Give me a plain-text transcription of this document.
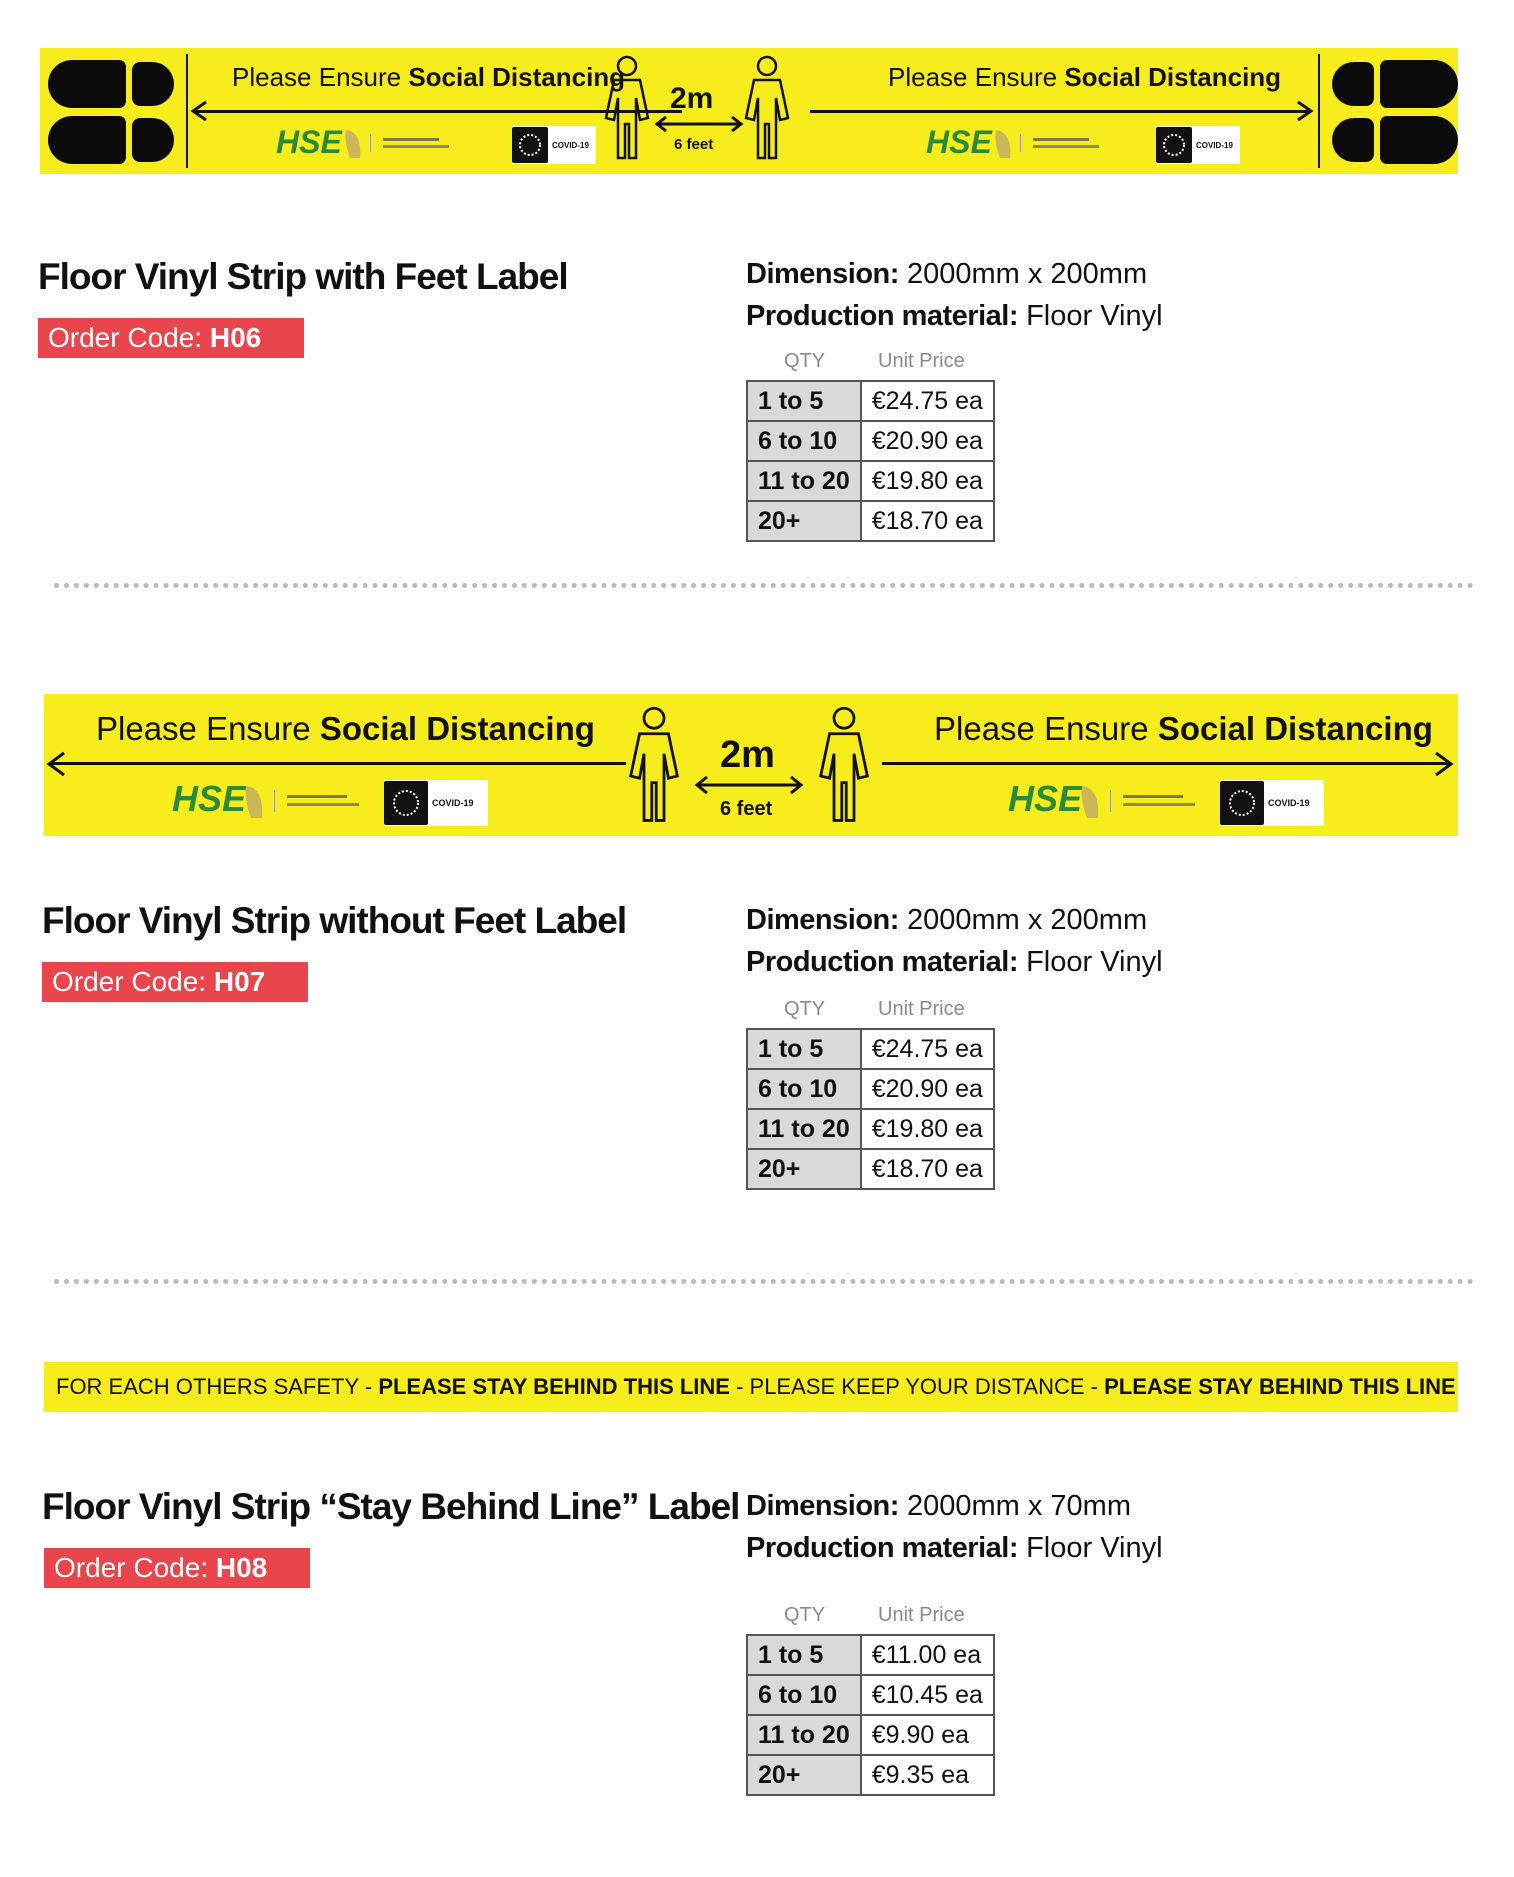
Please Ensure Social Distancing
HSE	COVID-19
2m
6 feet
Please Ensure Social Distancing
HSE	COVID-19
Floor Vinyl Strip with Feet Label
Order Code: H06
Dimension: 2000mm x 200mm
Production material: Floor Vinyl
QTY	Unit Price
1 to 5	€24.75 ea
6 to 10	€20.90 ea
11 to 20	€19.80 ea
20+	€18.70 ea
Please Ensure Social Distancing
HSE	COVID-19
2m
6 feet
Please Ensure Social Distancing
HSE	COVID-19
Floor Vinyl Strip without Feet Label
Order Code: H07
Dimension: 2000mm x 200mm
Production material: Floor Vinyl
QTY	Unit Price
1 to 5	€24.75 ea
6 to 10	€20.90 ea
11 to 20	€19.80 ea
20+	€18.70 ea
FOR EACH OTHERS SAFETY - PLEASE STAY BEHIND THIS LINE - PLEASE KEEP YOUR DISTANCE - PLEASE STAY BEHIND THIS LINE
Floor Vinyl Strip “Stay Behind Line” Label
Order Code: H08
Dimension: 2000mm x 70mm
Production material: Floor Vinyl
QTY	Unit Price
1 to 5	€11.00 ea
6 to 10	€10.45 ea
11 to 20	€9.90 ea
20+	€9.35 ea
